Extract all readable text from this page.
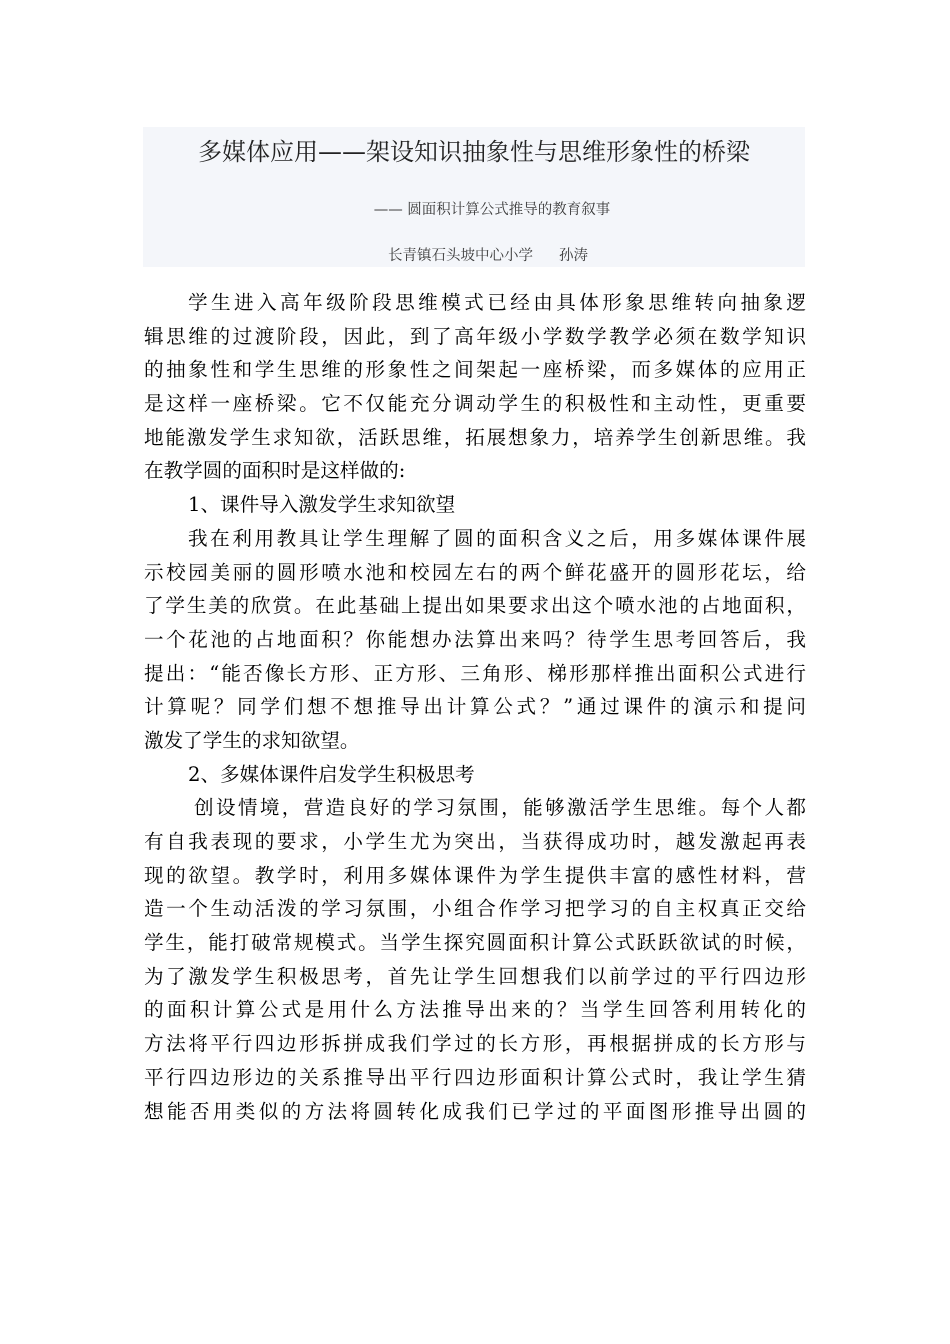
多媒体应用——架设知识抽象性与思维形象性的桥梁
—— 圆面积计算公式推导的教育叙事
长青镇石头坡中心小学 孙涛
学生进入高年级阶段思维模式已经由具体形象思维转向抽象逻
辑思维的过渡阶段，因此，到了高年级小学数学教学必须在数学知识
的抽象性和学生思维的形象性之间架起一座桥梁，而多媒体的应用正
是这样一座桥梁。它不仅能充分调动学生的积极性和主动性，更重要
地能激发学生求知欲，活跃思维，拓展想象力，培养学生创新思维。我
在教学圆的面积时是这样做的:
1、课件导入激发学生求知欲望
我在利用教具让学生理解了圆的面积含义之后，用多媒体课件展
示校园美丽的圆形喷水池和校园左右的两个鲜花盛开的圆形花坛，给
了学生美的欣赏。在此基础上提出如果要求出这个喷水池的占地面积，
一个花池的占地面积？你能想办法算出来吗？待学生思考回答后，我
提出：“能否像长方形、正方形、三角形、梯形那样推出面积公式进行
计算呢？同学们想不想推导出计算公式？”通过课件的演示和提问
激发了学生的求知欲望。
2、多媒体课件启发学生积极思考
创设情境，营造良好的学习氛围，能够激活学生思维。每个人都
有自我表现的要求，小学生尤为突出，当获得成功时，越发激起再表
现的欲望。教学时，利用多媒体课件为学生提供丰富的感性材料，营
造一个生动活泼的学习氛围，小组合作学习把学习的自主权真正交给
学生，能打破常规模式。当学生探究圆面积计算公式跃跃欲试的时候，
为了激发学生积极思考，首先让学生回想我们以前学过的平行四边形
的面积计算公式是用什么方法推导出来的？当学生回答利用转化的
方法将平行四边形拆拼成我们学过的长方形，再根据拼成的长方形与
平行四边形边的关系推导出平行四边形面积计算公式时，我让学生猜
想能否用类似的方法将圆转化成我们已学过的平面图形推导出圆的
